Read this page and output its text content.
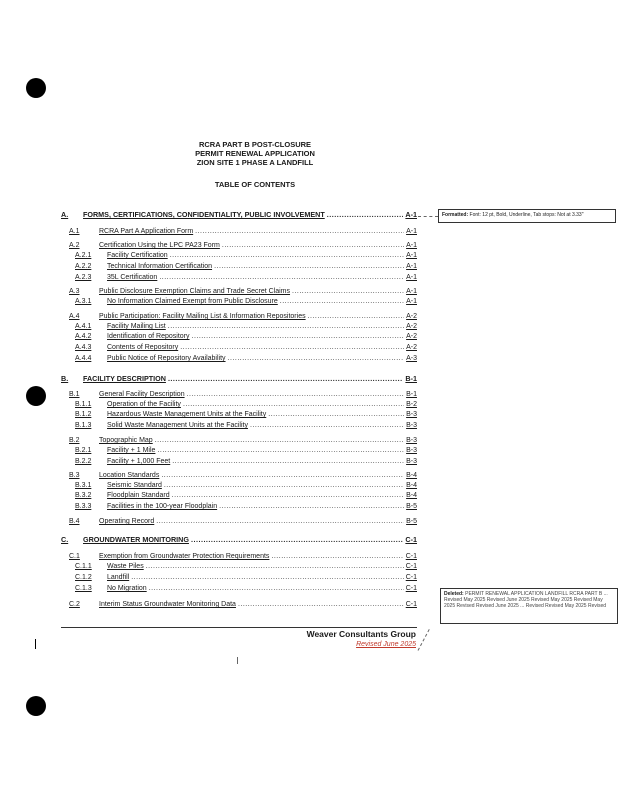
RCRA PART B POST-CLOSURE
PERMIT RENEWAL APPLICATION
ZION SITE 1 PHASE A LANDFILL
TABLE OF CONTENTS
A.	FORMS, CERTIFICATIONS, CONFIDENTIALITY, PUBLIC INVOLVEMENT .....	A-1
A.1	RCRA Part A Application Form .....	A-1
A.2	Certification Using the LPC PA23 Form .....	A-1
A.2.1	Facility Certification .....	A-1
A.2.2	Technical Information Certification .....	A-1
A.2.3	35L Certification .....	A-1
A.3	Public Disclosure Exemption Claims and Trade Secret Claims .....	A-1
A.3.1	No Information Claimed Exempt from Public Disclosure .....	A-1
A.4	Public Participation: Facility Mailing List & Information Repositories .....	A-2
A.4.1	Facility Mailing List .....	A-2
A.4.2	Identification of Repository .....	A-2
A.4.3	Contents of Repository .....	A-2
A.4.4	Public Notice of Repository Availability .....	A-3
B.	FACILITY DESCRIPTION .....	B-1
B.1	General Facility Description .....	B-1
B.1.1	Operation of the Facility .....	B-2
B.1.2	Hazardous Waste Management Units at the Facility .....	B-3
B.1.3	Solid Waste Management Units at the Facility .....	B-3
B.2	Topographic Map .....	B-3
B.2.1	Facility + 1 Mile .....	B-3
B.2.2	Facility + 1,000 Feet .....	B-3
B.3	Location Standards .....	B-4
B.3.1	Seismic Standard .....	B-4
B.3.2	Floodplain Standard .....	B-4
B.3.3	Facilities in the 100-year Floodplain .....	B-5
B.4	Operating Record .....	B-5
C.	GROUNDWATER MONITORING .....	C-1
C.1	Exemption from Groundwater Protection Requirements .....	C-1
C.1.1	Waste Piles .....	C-1
C.1.2	Landfill .....	C-1
C.1.3	No Migration .....	C-1
C.2	Interim Status Groundwater Monitoring Data .....	C-1
Weaver Consultants Group
Revised June 2025
Formatted: Font: 12 pt, Bold, Underline, Tab stops: Not at 3.33"
Deleted: PERMIT RENEWAL APPLICATION LANDFILL RCRA PART B ... Revised May 2025 Revised June 2025 Revised May 2025 Revised May 2025 Revised Revised June 2025 ... Revised Revised May 2025 Revised
